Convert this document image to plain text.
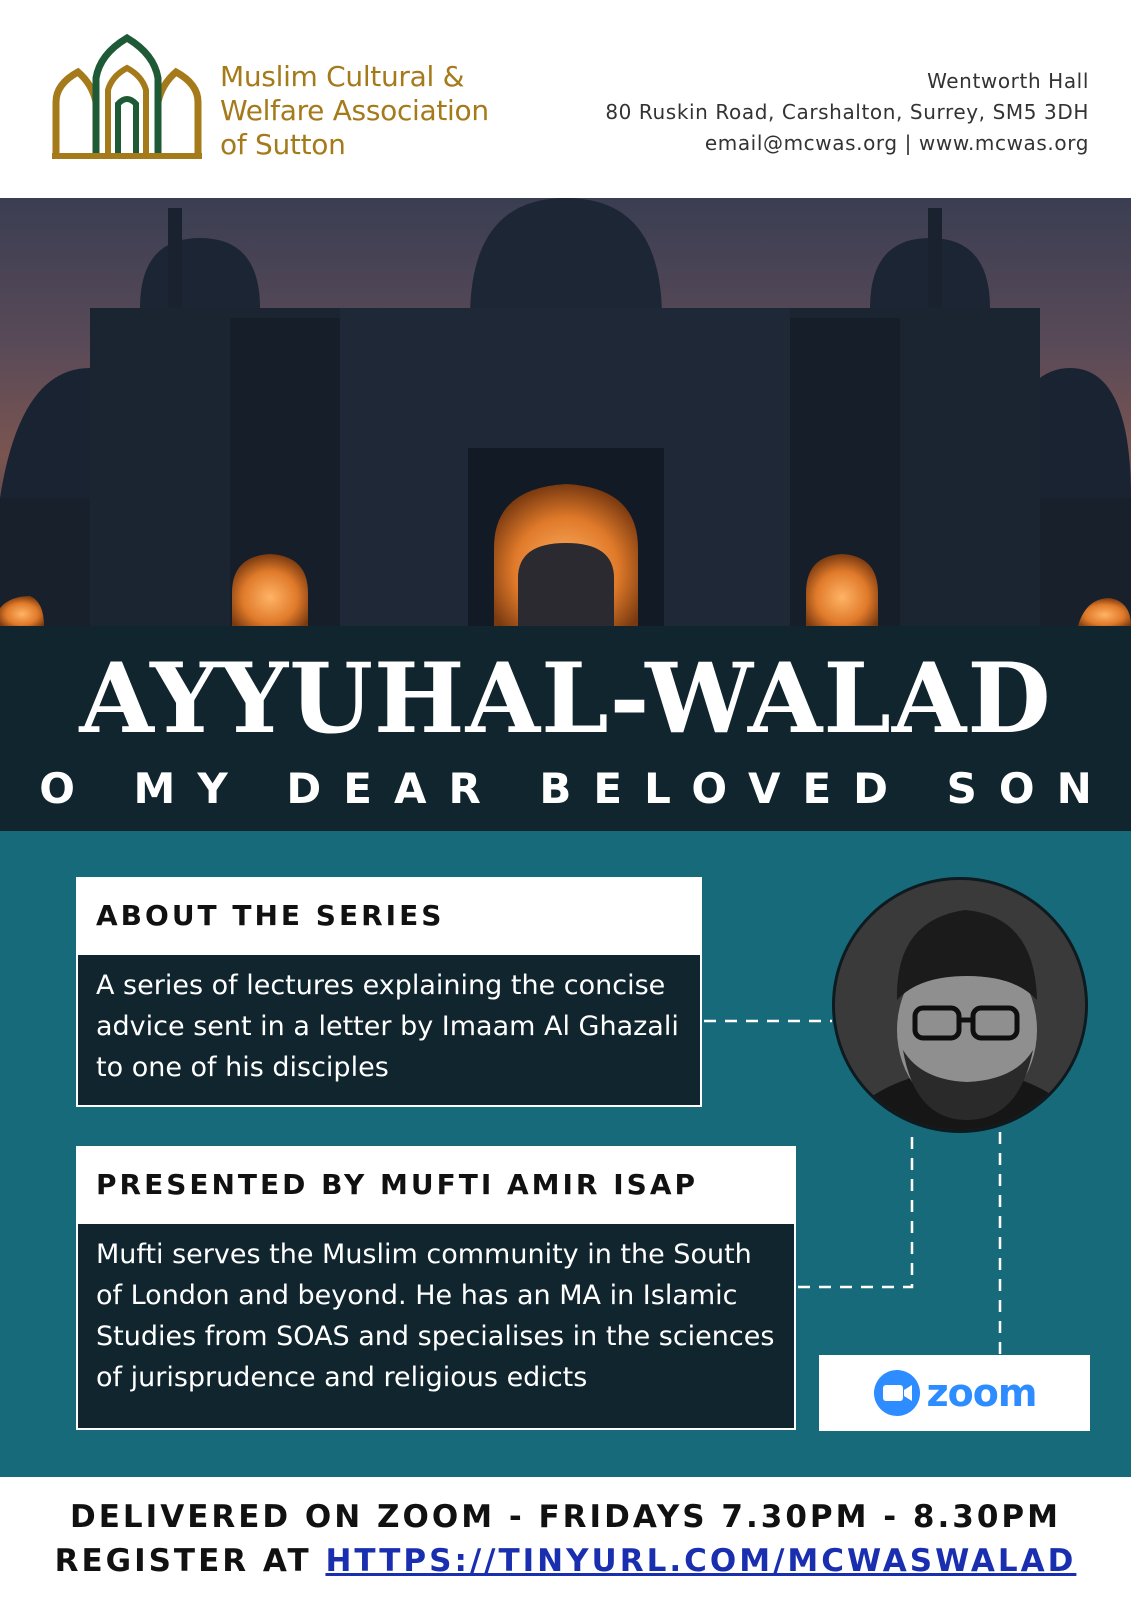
Muslim Cultural &
Welfare Association
of Sutton
Wentworth Hall
80 Ruskin Road, Carshalton, Surrey, SM5 3DH
email@mcwas.org | www.mcwas.org
AYYUHAL-WALAD
O MY DEAR BELOVED SON
ABOUT THE SERIES
A series of lectures explaining the concise advice sent in a letter by Imaam Al Ghazali to one of his disciples
PRESENTED BY MUFTI AMIR ISAP
Mufti serves the Muslim community in the South of London and beyond. He has an MA in Islamic Studies from SOAS and specialises in the sciences of jurisprudence and religious edicts	zoom
DELIVERED ON ZOOM - FRIDAYS 7.30PM - 8.30PM
REGISTER AT HTTPS://TINYURL.COM/MCWASWALAD
